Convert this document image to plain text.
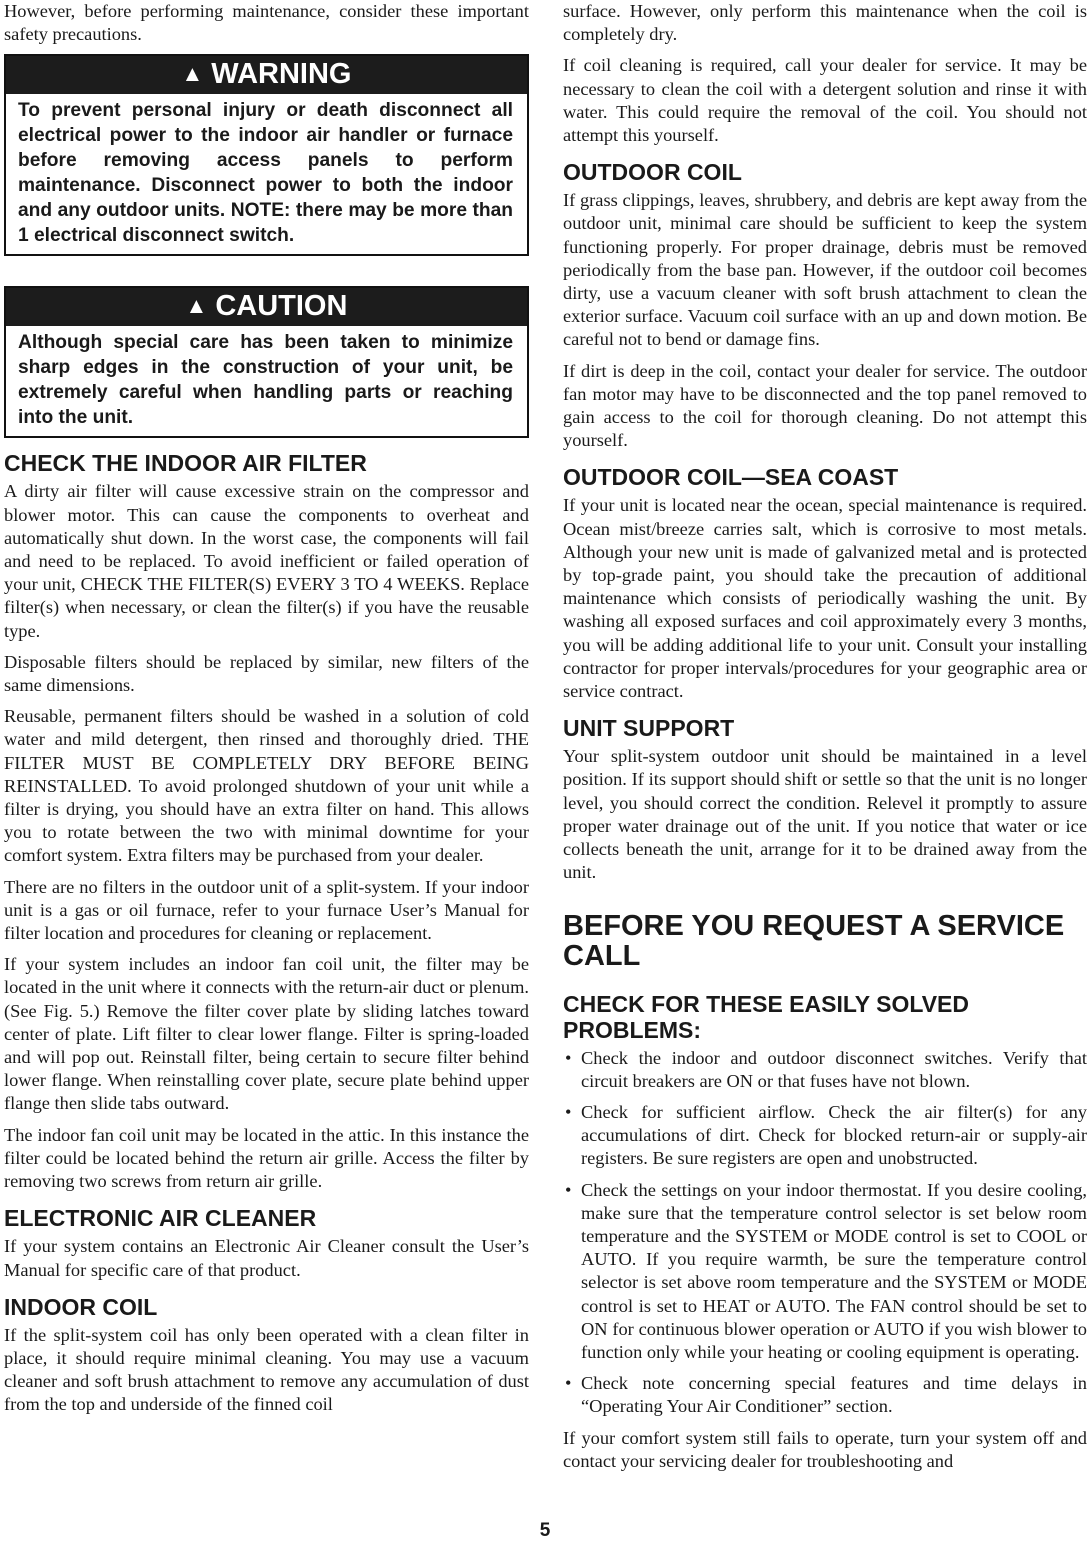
However, before performing maintenance, consider these important safety precautions.

▲ WARNING
To prevent personal injury or death disconnect all electrical power to the indoor air handler or furnace before removing access panels to perform maintenance. Disconnect power to both the indoor and any outdoor units. NOTE: there may be more than 1 electrical disconnect switch.
▲ CAUTION
Although special care has been taken to minimize sharp edges in the construction of your unit, be extremely careful when handling parts or reaching into the unit.
CHECK THE INDOOR AIR FILTER

A dirty air filter will cause excessive strain on the compressor and blower motor. This can cause the components to overheat and automatically shut down. In the worst case, the components will fail and need to be replaced. To avoid inefficient or failed operation of your unit, CHECK THE FILTER(S) EVERY 3 TO 4 WEEKS. Replace filter(s) when necessary, or clean the filter(s) if you have the reusable type.

Disposable filters should be replaced by similar, new filters of the same dimensions.

Reusable, permanent filters should be washed in a solution of cold water and mild detergent, then rinsed and thoroughly dried. THE FILTER MUST BE COMPLETELY DRY BEFORE BEING REINSTALLED. To avoid prolonged shutdown of your unit while a filter is drying, you should have an extra filter on hand. This allows you to rotate between the two with minimal downtime for your comfort system. Extra filters may be purchased from your dealer.

There are no filters in the outdoor unit of a split-system. If your indoor unit is a gas or oil furnace, refer to your furnace User’s Manual for filter location and procedures for cleaning or replacement.

If your system includes an indoor fan coil unit, the filter may be located in the unit where it connects with the return-air duct or plenum. (See Fig. 5.) Remove the filter cover plate by sliding latches toward center of plate. Lift filter to clear lower flange. Filter is spring-loaded and will pop out. Reinstall filter, being certain to secure filter behind lower flange. When reinstalling cover plate, secure plate behind upper flange then slide tabs outward.

The indoor fan coil unit may be located in the attic. In this instance the filter could be located behind the return air grille. Access the filter by removing two screws from return air grille.

ELECTRONIC AIR CLEANER

If your system contains an Electronic Air Cleaner consult the User’s Manual for specific care of that product.

INDOOR COIL

If the split-system coil has only been operated with a clean filter in place, it should require minimal cleaning. You may use a vacuum cleaner and soft brush attachment to remove any accumulation of dust from the top and underside of the finned coil

surface. However, only perform this maintenance when the coil is completely dry.

If coil cleaning is required, call your dealer for service. It may be necessary to clean the coil with a detergent solution and rinse it with water. This could require the removal of the coil. You should not attempt this yourself.

OUTDOOR COIL

If grass clippings, leaves, shrubbery, and debris are kept away from the outdoor unit, minimal care should be sufficient to keep the system functioning properly. For proper drainage, debris must be removed periodically from the base pan. However, if the outdoor coil becomes dirty, use a vacuum cleaner with soft brush attachment to clean the exterior surface. Vacuum coil surface with an up and down motion. Be careful not to bend or damage fins.

If dirt is deep in the coil, contact your dealer for service. The outdoor fan motor may have to be disconnected and the top panel removed to gain access to the coil for thorough cleaning. Do not attempt this yourself.

OUTDOOR COIL—SEA COAST

If your unit is located near the ocean, special maintenance is required. Ocean mist/breeze carries salt, which is corrosive to most metals. Although your new unit is made of galvanized metal and is protected by top-grade paint, you should take the precaution of additional maintenance which consists of periodically washing the unit. By washing all exposed surfaces and coil approximately every 3 months, you will be adding additional life to your unit. Consult your installing contractor for proper intervals/procedures for your geographic area or service contract.

UNIT SUPPORT

Your split-system outdoor unit should be maintained in a level position. If its support should shift or settle so that the unit is no longer level, you should correct the condition. Relevel it promptly to assure proper water drainage out of the unit. If you notice that water or ice collects beneath the unit, arrange for it to be drained away from the unit.

BEFORE YOU REQUEST A SERVICE CALL
CHECK FOR THESE EASILY SOLVED PROBLEMS:

• Check the indoor and outdoor disconnect switches. Verify that circuit breakers are ON or that fuses have not blown.

• Check for sufficient airflow. Check the air filter(s) for any accumulations of dirt. Check for blocked return-air or supply-air registers. Be sure registers are open and unobstructed.

• Check the settings on your indoor thermostat. If you desire cooling, make sure that the temperature control selector is set below room temperature and the SYSTEM or MODE control is set to COOL or AUTO. If you require warmth, be sure the temperature control selector is set above room temperature and the SYSTEM or MODE control is set to HEAT or AUTO. The FAN control should be set to ON for continuous blower operation or AUTO if you wish blower to function only while your heating or cooling equipment is operating.

• Check note concerning special features and time delays in “Operating Your Air Conditioner” section.

If your comfort system still fails to operate, turn your system off and contact your servicing dealer for troubleshooting and

5
